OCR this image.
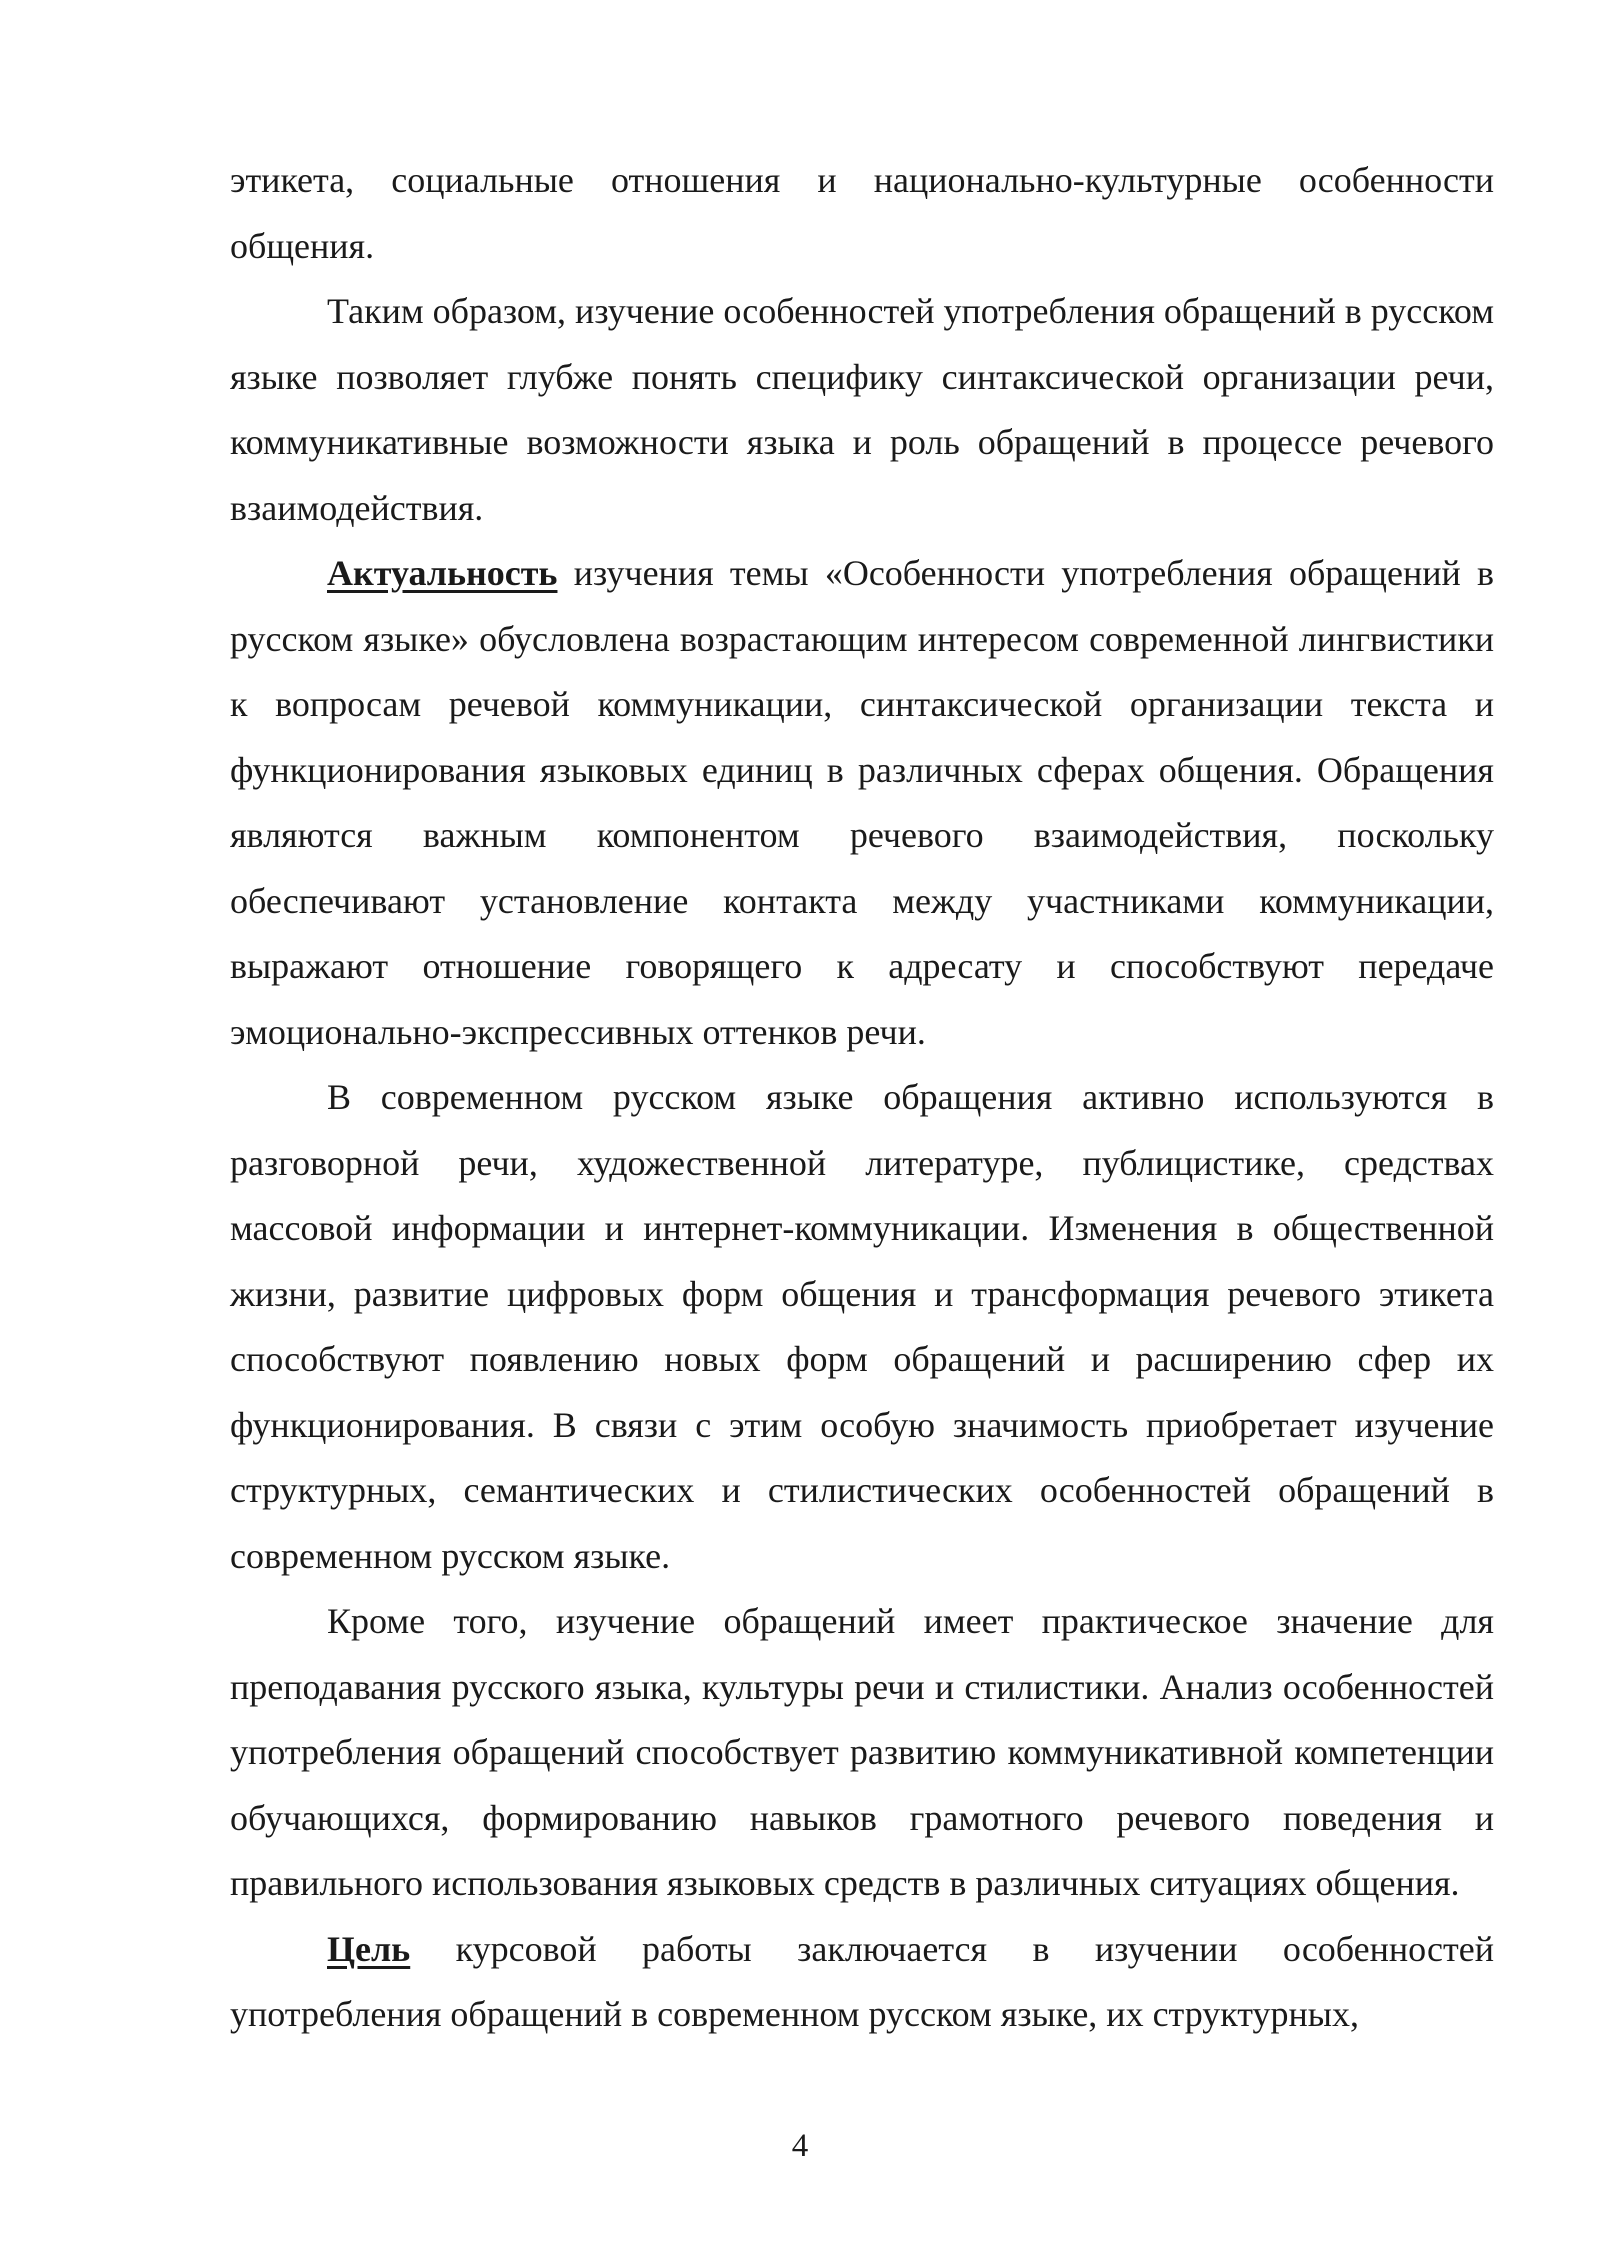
этикета, социальные отношения и национально-культурные особенности общения.

Таким образом, изучение особенностей употребления обращений в русском языке позволяет глубже понять специфику синтаксической организации речи, коммуникативные возможности языка и роль обращений в процессе речевого взаимодействия.

Актуальность изучения темы «Особенности употребления обращений в русском языке» обусловлена возрастающим интересом современной лингвистики к вопросам речевой коммуникации, синтаксической организации текста и функционирования языковых единиц в различных сферах общения. Обращения являются важным компонентом речевого взаимодействия, поскольку обеспечивают установление контакта между участниками коммуникации, выражают отношение говорящего к адресату и способствуют передаче эмоционально-экспрессивных оттенков речи.

В современном русском языке обращения активно используются в разговорной речи, художественной литературе, публицистике, средствах массовой информации и интернет-коммуникации. Изменения в общественной жизни, развитие цифровых форм общения и трансформация речевого этикета способствуют появлению новых форм обращений и расширению сфер их функционирования. В связи с этим особую значимость приобретает изучение структурных, семантических и стилистических особенностей обращений в современном русском языке.

Кроме того, изучение обращений имеет практическое значение для преподавания русского языка, культуры речи и стилистики. Анализ особенностей употребления обращений способствует развитию коммуникативной компетенции обучающихся, формированию навыков грамотного речевого поведения и правильного использования языковых средств в различных ситуациях общения.

Цель курсовой работы заключается в изучении особенностей употребления обращений в современном русском языке, их структурных,

4
